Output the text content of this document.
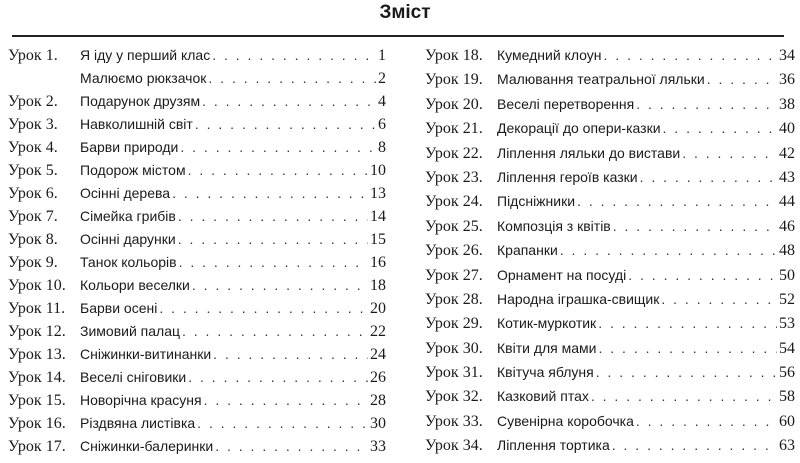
Зміст
Урок 1.	Я іду у перший клас . . .	1
Малюємо рюкзачок . . .	2
Урок 2.	Подарунок друзям . . .	4
Урок 3.	Навколишній світ . . .	6
Урок 4.	Барви природи . . .	8
Урок 5.	Подорож містом . . .	10
Урок 6.	Осінні дерева . . .	13
Урок 7.	Сімейка грибів . . .	14
Урок 8.	Осінні дарунки . . .	15
Урок 9.	Танок кольорів . . .	16
Урок 10.	Кольори веселки . . .	18
Урок 11.	Барви осені . . .	20
Урок 12.	Зимовий палац . . .	22
Урок 13.	Сніжинки-витинанки . . .	24
Урок 14.	Веселі сніговики . . .	26
Урок 15.	Новорічна красуня . . .	28
Урок 16.	Різдвяна листівка . . .	30
Урок 17.	Сніжинки-балеринки . . .	33
Урок 18.	Кумедний клоун . . .	34
Урок 19.	Малювання театральної ляльки . . .	36
Урок 20.	Веселі перетворення . . .	38
Урок 21.	Декорації до опери-казки . . .	40
Урок 22.	Ліплення ляльки до вистави . . .	42
Урок 23.	Ліплення героїв казки . . .	43
Урок 24.	Підсніжники . . .	44
Урок 25.	Композція з квітів . . .	46
Урок 26.	Крапанки . . .	48
Урок 27.	Орнамент на посуді . . .	50
Урок 28.	Народна іграшка-свищик . . .	52
Урок 29.	Котик-муркотик . . .	53
Урок 30.	Квіти для мами . . .	54
Урок 31.	Квітуча яблуня . . .	56
Урок 32.	Казковий птах . . .	58
Урок 33.	Сувенірна коробочка . . .	60
Урок 34.	Ліплення тортика . . .	63
